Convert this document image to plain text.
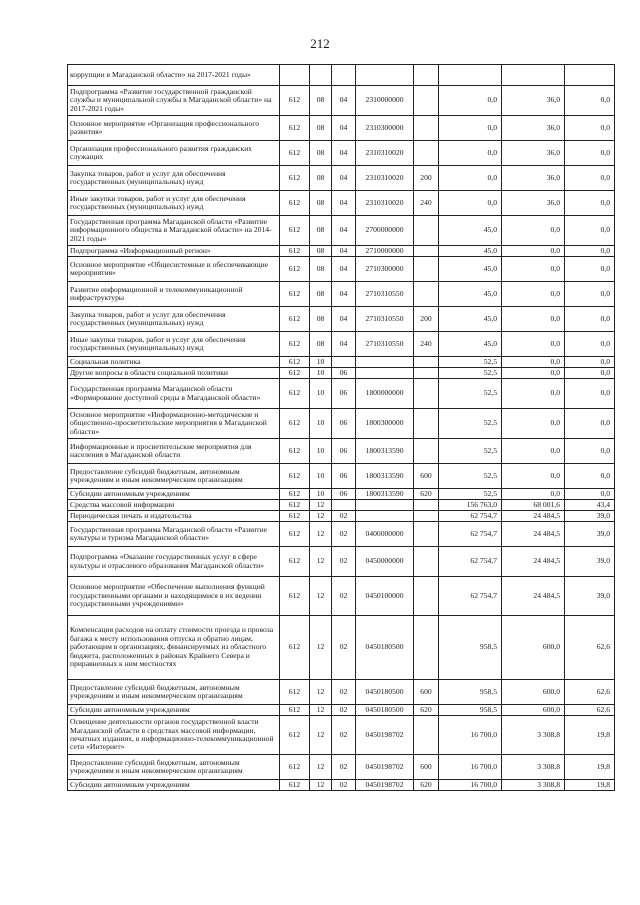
212
коррупции в Магаданской области» на 2017-2021 годы»								
Подпрограмма «Развитие государственной гражданской службы и муниципальной службы в Магаданской области» на 2017-2021 годы»	612	08	04	2310000000		0,0	36,0	0,0
Основное мероприятие «Организация профессионального развития»	612	08	04	2310300000		0,0	36,0	0,0
Организация профессионального развития гражданских служащих	612	08	04	2310310020		0,0	36,0	0,0
Закупка товаров, работ и услуг для обеспечения государственных (муниципальных) нужд	612	08	04	2310310020	200	0,0	36,0	0,0
Иные закупки товаров, работ и услуг для обеспечения государственных (муниципальных) нужд	612	08	04	2310310020	240	0,0	36,0	0,0
Государственная программа Магаданской области «Развитие информационного общества в Магаданской области» на 2014-2021 годы»	612	08	04	2700000000		45,0	0,0	0,0
Подпрограмма «Информационный регион»	612	08	04	2710000000		45,0	0,0	0,0
Основное мероприятие «Общесистемные и обеспечивающие мероприятия»	612	08	04	2710300000		45,0	0,0	0,0
Развитие информационной и телекоммуникационной инфраструктуры	612	08	04	2710310550		45,0	0,0	0,0
Закупка товаров, работ и услуг для обеспечения государственных (муниципальных) нужд	612	08	04	2710310550	200	45,0	0,0	0,0
Иные закупки товаров, работ и услуг для обеспечения государственных (муниципальных) нужд	612	08	04	2710310550	240	45,0	0,0	0,0
Социальная политика	612	10				52,5	0,0	0,0
Другие вопросы в области социальной политики	612	10	06			52,5	0,0	0,0
Государственная программа Магаданской области «Формирование доступной среды в Магаданской области»	612	10	06	1800000000		52,5	0,0	0,0
Основное мероприятие «Информационно-методические и общественно-просветительские мероприятия в Магаданской области»	612	10	06	1800300000		52,5	0,0	0,0
Информационные и просветительские мероприятия для населения в Магаданской области	612	10	06	1800313590		52,5	0,0	0,0
Предоставление субсидий бюджетным, автономным учреждениям и иным некоммерческим организациям	612	10	06	1800313590	600	52,5	0,0	0,0
Субсидии автономным учреждениям	612	10	06	1800313590	620	52,5	0,0	0,0
Средства массовой информации	612	12				156 763,0	68 001,6	43,4
Периодическая печать и издательства	612	12	02			62 754,7	24 484,5	39,0
Государственная программа Магаданской области «Развитие культуры и туризма Магаданской области»	612	12	02	0400000000		62 754,7	24 484,5	39,0
Подпрограмма «Оказание государственных услуг в сфере культуры и отраслевого образования Магаданской области»	612	12	02	0450000000		62 754,7	24 484,5	39,0
Основное мероприятие «Обеспечение выполнения функций государственными органами и находящимися в их ведении государственными учреждениями»	612	12	02	0450100000		62 754,7	24 484,5	39,0
Компенсация расходов на оплату стоимости проезда и провоза багажа к месту использования отпуска и обратно лицам, работающим в организациях, финансируемых из областного бюджета, расположенных в районах Крайнего Севера и приравненных к ним местностях	612	12	02	0450180500		958,5	600,0	62,6
Предоставление субсидий бюджетным, автономным учреждениям и иным некоммерческим организациям	612	12	02	0450180500	600	958,5	600,0	62,6
Субсидии автономным учреждениям	612	12	02	0450180500	620	958,5	600,0	62,6
Освещение деятельности органов государственной власти Магаданской области в средствах массовой информации, печатных изданиях, в информационно-телекоммуникационной сети «Интернет»	612	12	02	0450198702		16 700,0	3 308,8	19,8
Предоставление субсидий бюджетным, автономным учреждениям и иным некоммерческим организациям	612	12	02	0450198702	600	16 700,0	3 308,8	19,8
Субсидии автономным учреждениям	612	12	02	0450198702	620	16 700,0	3 308,8	19,8
